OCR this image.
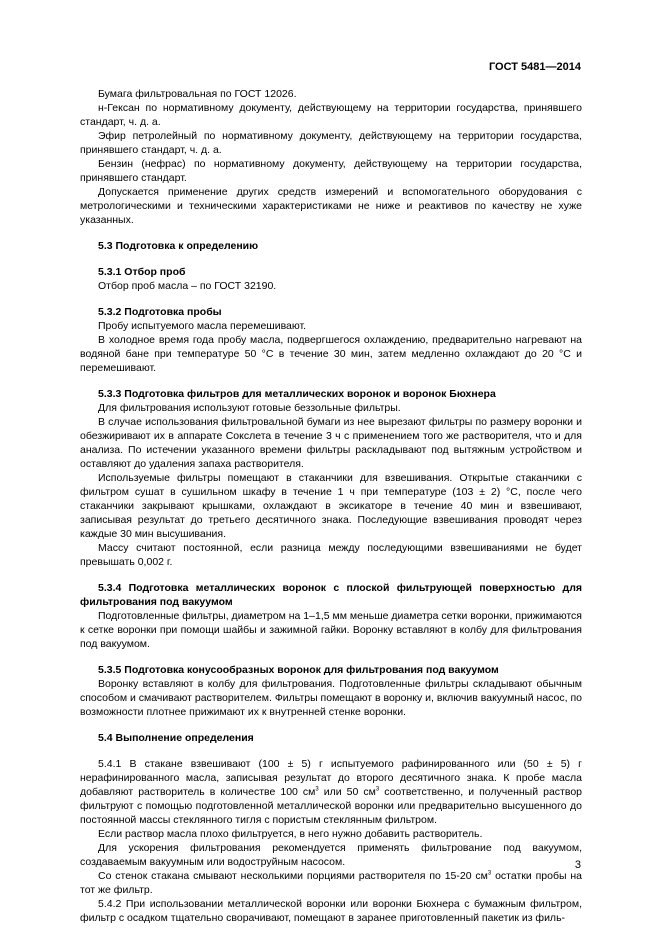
ГОСТ 5481—2014

Бумага фильтровальная по ГОСТ 12026.

н-Гексан по нормативному документу, действующему на территории государства, принявшего стандарт, ч. д. а.

Эфир петролейный по нормативному документу, действующему на территории государства, принявшего стандарт, ч. д. а.

Бензин (нефрас) по нормативному документу, действующему на территории государства, принявшего стандарт.

Допускается применение других средств измерений и вспомогательного оборудования с метрологическими и техническими характеристиками не ниже и реактивов по качеству не хуже указанных.

5.3 Подготовка к определению

5.3.1 Отбор проб

Отбор проб масла – по ГОСТ 32190.

5.3.2 Подготовка пробы

Пробу испытуемого масла перемешивают.

В холодное время года пробу масла, подвергшегося охлаждению, предварительно нагревают на водяной бане при температуре 50 °С в течение 30 мин, затем медленно охлаждают до 20 °С и перемешивают.

5.3.3 Подготовка фильтров для металлических воронок и воронок Бюхнера

Для фильтрования используют готовые беззольные фильтры.

В случае использования фильтровальной бумаги из нее вырезают фильтры по размеру воронки и обезжиривают их в аппарате Сокслета в течение 3 ч с применением того же растворителя, что и для анализа. По истечении указанного времени фильтры раскладывают под вытяжным устройством и оставляют до удаления запаха растворителя.

Используемые фильтры помещают в стаканчики для взвешивания. Открытые стаканчики с фильтром сушат в сушильном шкафу в течение 1 ч при температуре (103 ± 2) °С, после чего стаканчики закрывают крышками, охлаждают в эксикаторе в течение 40 мин и взвешивают, записывая результат до третьего десятичного знака. Последующие взвешивания проводят через каждые 30 мин высушивания.

Массу считают постоянной, если разница между последующими взвешиваниями не будет превышать 0,002 г.

5.3.4 Подготовка металлических воронок с плоской фильтрующей поверхностью для фильтрования под вакуумом

Подготовленные фильтры, диаметром на 1–1,5 мм меньше диаметра сетки воронки, прижимаются к сетке воронки при помощи шайбы и зажимной гайки. Воронку вставляют в колбу для фильтрования под вакуумом.

5.3.5 Подготовка конусообразных воронок для фильтрования под вакуумом

Воронку вставляют в колбу для фильтрования. Подготовленные фильтры складывают обычным способом и смачивают растворителем. Фильтры помещают в воронку и, включив вакуумный насос, по возможности плотнее прижимают их к внутренней стенке воронки.

5.4 Выполнение определения

5.4.1 В стакане взвешивают (100 ± 5) г испытуемого рафинированного или (50 ± 5) г нерафинированного масла, записывая результат до второго десятичного знака. К пробе масла добавляют растворитель в количестве 100 $см^3$ или 50 $см^3$ соответственно, и полученный раствор фильтруют с помощью подготовленной металлической воронки или предварительно высушенного до постоянной массы стеклянного тигля с пористым стеклянным фильтром.

Если раствор масла плохо фильтруется, в него нужно добавить растворитель.

Для ускорения фильтрования рекомендуется применять фильтрование под вакуумом, создаваемым вакуумным или водоструйным насосом.

Со стенок стакана смывают несколькими порциями растворителя по 15-20 $см^3$ остатки пробы на тот же фильтр.

5.4.2 При использовании металлической воронки или воронки Бюхнера с бумажным фильтром, фильтр с осадком тщательно сворачивают, помещают в заранее приготовленный пакетик из филь-

3
